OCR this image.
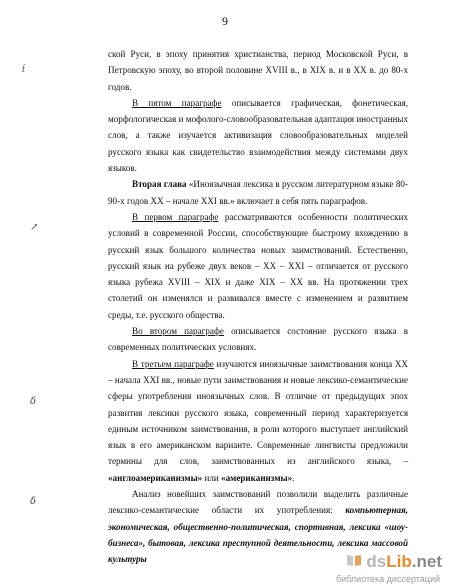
9
ṫ
↗
ẟ
ẟ

ской Руси, в эпоху принятия христианства, период Московской Руси, в Петровскую эпоху, во второй половине XVIII в., в XIX в. и в XX в. до 80-х годов.

В пятом параграфе описывается графическая, фонетическая, морфологическая и мофолого-словообразовательная адаптация иностранных слов, а также изучается активизация словообразовательных моделей русского языка как свидетельство взаимодействия между системами двух языков.

Вторая глава «Иноязычная лексика в русском литературном языке 80-90-х годов XX – начале XXI вв.» включает в себя пять параграфов.

В первом параграфе рассматриваются особенности политических условий в современной России, способствующие быстрому вхождению в русский язык большого количества новых заимствований. Естественно, русский язык на рубеже двух веков – XX – XXI – отличается от русского языка рубежа XVIII – XIX и даже XIX – XX вв. На протяжении трех столетий он изменялся и развивался вместе с изменением и развитием среды, т.е. русского общества.

Во втором параграфе описывается состояние русского языка в современных политических условиях.

В третьем параграфе изучаются иноязычные заимствования конца XX – начала XXI вв., новые пути заимствования и новые лексико-семантические сферы употребления иноязычных слов. В отличие от предыдущих эпох развития лексики русского языка, современный период характеризуется единым источником заимствования, в роли которого выступает английский язык в его американском варианте. Современные лингвисты предложили термины для слов, заимствованных из английского языка, – «англоамериканизмы» или «американизмы».

Анализ новейших заимствований позволили выделить различные лексико-семантические области их употребления: компьютерная, экономическая, общественно-политическая, спортивная, лексика «шоу-бизнеса», бытовая, лексика преступной деятельности, лексика массовой культуры	ds Lib .net
библиотека диссертаций
